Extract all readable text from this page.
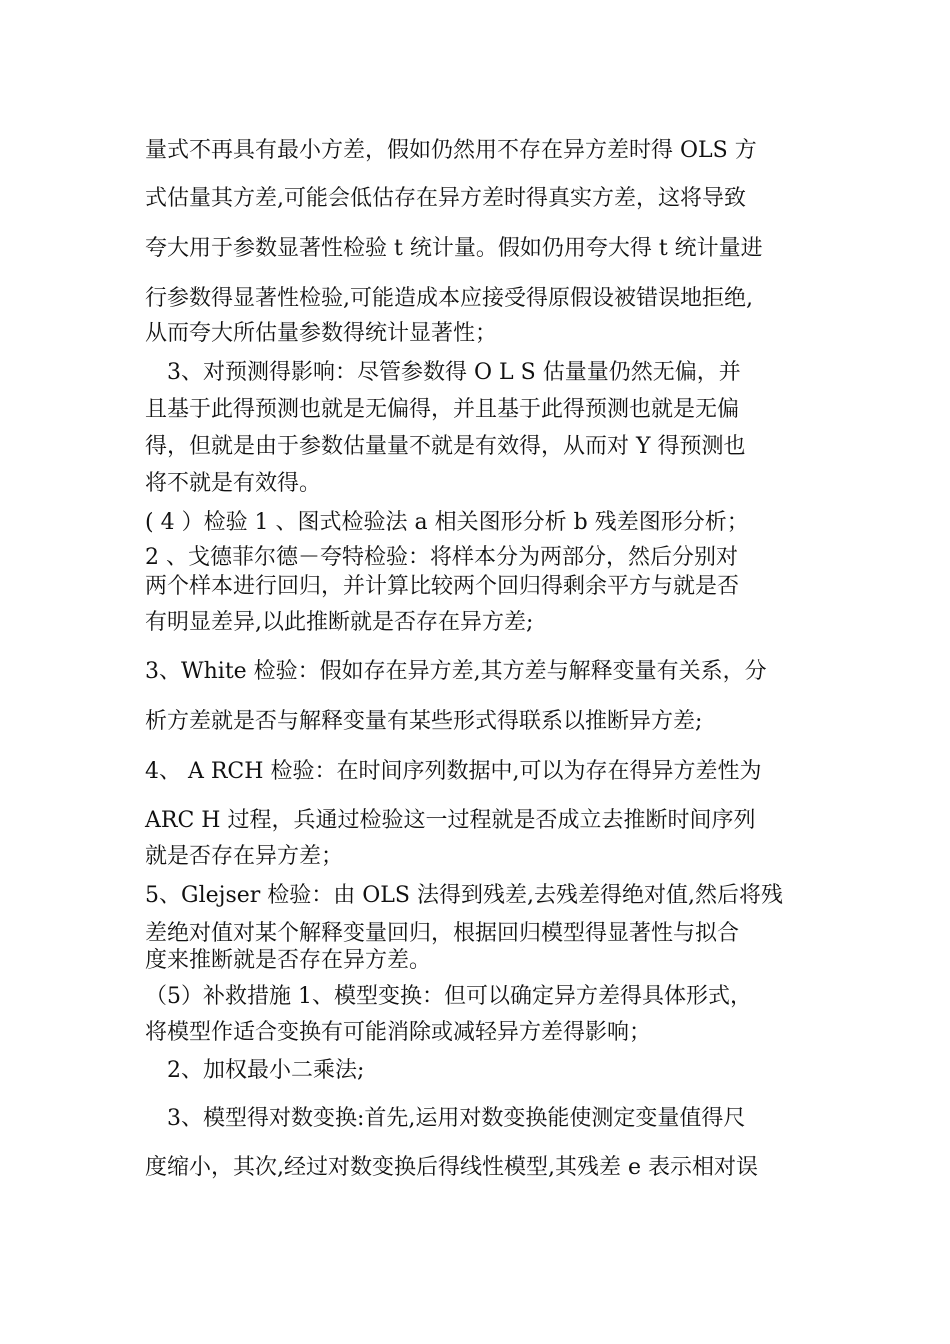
量式不再具有最小方差，假如仍然用不存在异方差时得 OLS 方

式估量其方差,可能会低估存在异方差时得真实方差，这将导致

夸大用于参数显著性检验 t 统计量。假如仍用夸大得 t 统计量进

行参数得显著性检验,可能造成本应接受得原假设被错误地拒绝,

从而夸大所估量参数得统计显著性；

　3、对预测得影响：尽管参数得 O L S 估量量仍然无偏，并

且基于此得预测也就是无偏得，并且基于此得预测也就是无偏

得，但就是由于参数估量量不就是有效得，从而对 Y 得预测也

将不就是有效得。

( 4 ）检验 1 、图式检验法 a 相关图形分析 b 残差图形分析；

2 、戈德菲尔德－夸特检验：将样本分为两部分，然后分别对

两个样本进行回归，并计算比较两个回归得剩余平方与就是否

有明显差异,以此推断就是否存在异方差;

3、White 检验：假如存在异方差,其方差与解释变量有关系，分

析方差就是否与解释变量有某些形式得联系以推断异方差;

4、 A RCH 检验：在时间序列数据中,可以为存在得异方差性为

ARC H 过程，兵通过检验这一过程就是否成立去推断时间序列

就是否存在异方差；

5、Glejser 检验：由 OLS 法得到残差,去残差得绝对值,然后将残

差绝对值对某个解释变量回归，根据回归模型得显著性与拟合

度来推断就是否存在异方差。

（5）补救措施 1、模型变换：但可以确定异方差得具体形式，

将模型作适合变换有可能消除或减轻异方差得影响；

　2、加权最小二乘法;

　3、模型得对数变换:首先,运用对数变换能使测定变量值得尺

度缩小，其次,经过对数变换后得线性模型,其残差 e 表示相对误
